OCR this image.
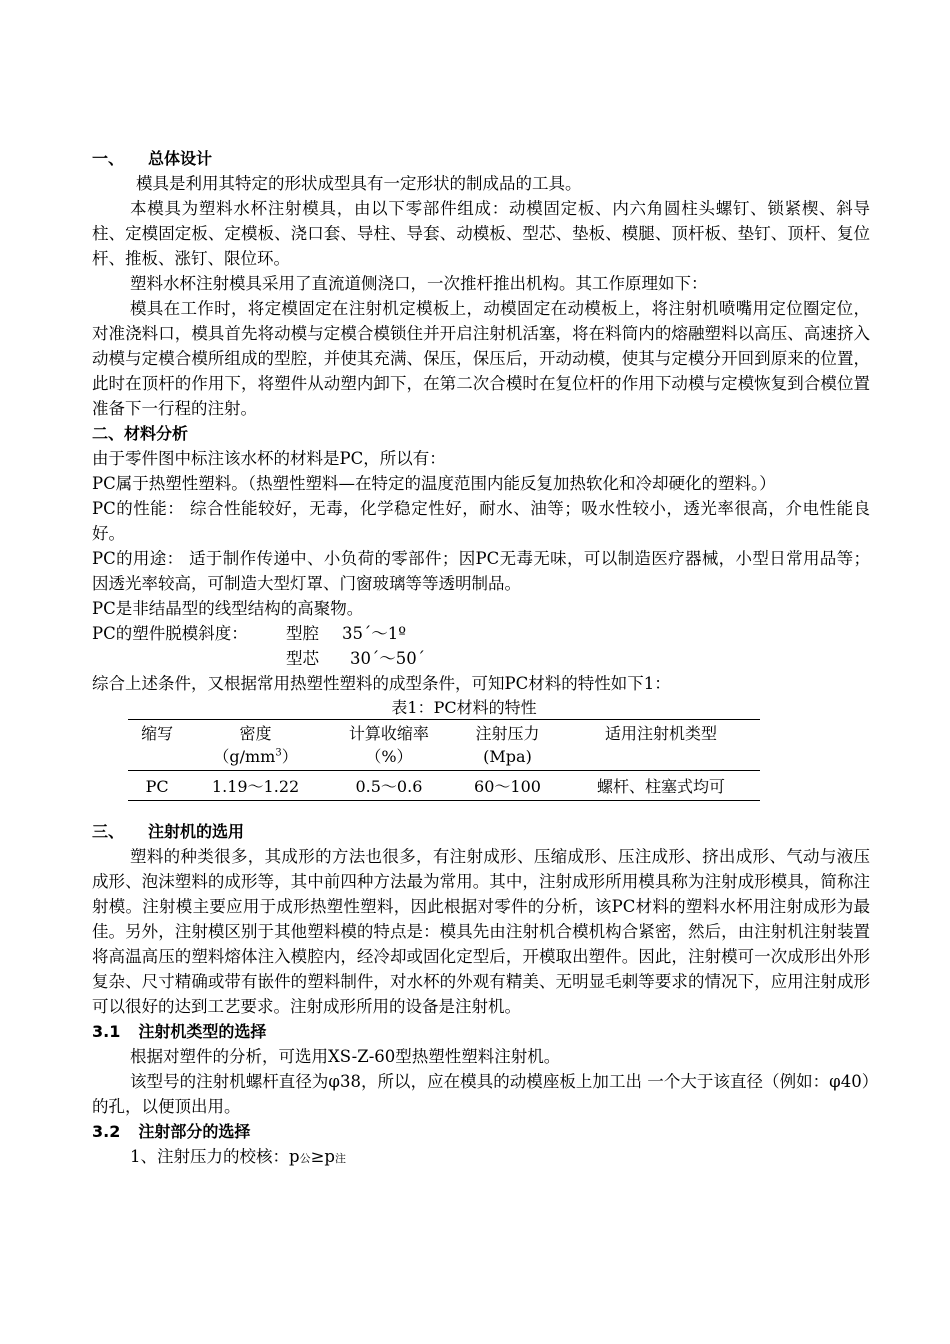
一、 总体设计
模具是利用其特定的形状成型具有一定形状的制成品的工具。
本模具为塑料水杯注射模具，由以下零部件组成：动模固定板、内六角圆柱头螺钉、锁紧楔、斜导柱、定模固定板、定模板、浇口套、导柱、导套、动模板、型芯、垫板、模腿、顶杆板、垫钉、顶杆、复位杆、推板、涨钉、限位环。
塑料水杯注射模具采用了直流道侧浇口，一次推杆推出机构。其工作原理如下：
模具在工作时，将定模固定在注射机定模板上，动模固定在动模板上，将注射机喷嘴用定位圈定位，对准浇料口，模具首先将动模与定模合模锁住并开启注射机活塞，将在料筒内的熔融塑料以高压、高速挤入动模与定模合模所组成的型腔，并使其充满、保压，保压后，开动动模，使其与定模分开回到原来的位置，此时在顶杆的作用下，将塑件从动塑内卸下，在第二次合模时在复位杆的作用下动模与定模恢复到合模位置准备下一行程的注射。
二、材料分析
由于零件图中标注该水杯的材料是PC，所以有：
PC属于热塑性塑料。（热塑性塑料—在特定的温度范围内能反复加热软化和冷却硬化的塑料。）
PC的性能： 综合性能较好，无毒，化学稳定性好，耐水、油等；吸水性较小，透光率很高，介电性能良好。
PC的用途： 适于制作传递中、小负荷的零部件；因PC无毒无味，可以制造医疗器械，小型日常用品等；因透光率较高，可制造大型灯罩、门窗玻璃等等透明制品。
PC是非结晶型的线型结构的高聚物。
PC的塑件脱模斜度： 型腔 35´～1º
型芯 30´～50´
综合上述条件，又根据常用热塑性塑料的成型条件，可知PC材料的特性如下1：
表1：PC材料的特性
缩写	密度	计算收缩率	注射压力	适用注射机类型
	$(g/mm^3)$	（%）	(Mpa)	
PC	1.19～1.22	0.5～0.6	60～100	螺杆、柱塞式均可
三、 注射机的选用
塑料的种类很多，其成形的方法也很多，有注射成形、压缩成形、压注成形、挤出成形、气动与液压成形、泡沫塑料的成形等，其中前四种方法最为常用。其中，注射成形所用模具称为注射成形模具，简称注射模。注射模主要应用于成形热塑性塑料，因此根据对零件的分析，该PC材料的塑料水杯用注射成形为最佳。另外，注射模区别于其他塑料模的特点是：模具先由注射机合模机构合紧密，然后，由注射机注射装置将高温高压的塑料熔体注入模腔内，经冷却或固化定型后，开模取出塑件。因此，注射模可一次成形出外形复杂、尺寸精确或带有嵌件的塑料制件，对水杯的外观有精美、无明显毛刺等要求的情况下，应用注射成形可以很好的达到工艺要求。注射成形所用的设备是注射机。
3.1 注射机类型的选择
根据对塑件的分析，可选用XS-Z-60型热塑性塑料注射机。
该型号的注射机螺杆直径为φ38，所以，应在模具的动模座板上加工出 一个大于该直径（例如：φ40）的孔，以便顶出用。
3.2 注射部分的选择
1、注射压力的校核：p公≥p注
